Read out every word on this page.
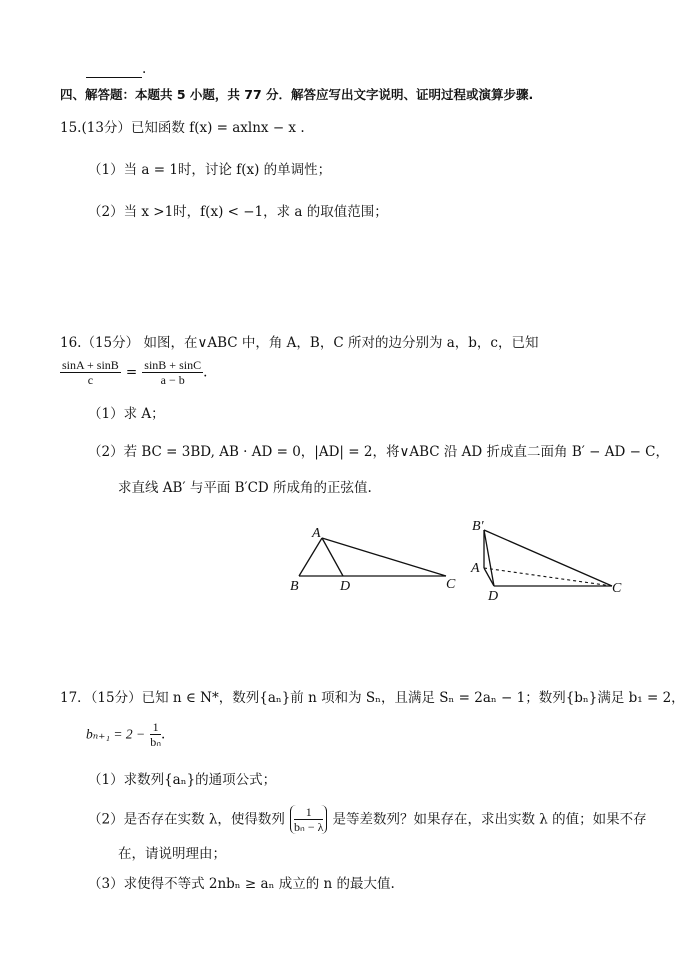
.
四、解答题：本题共 5 小题，共 77 分．解答应写出文字说明、证明过程或演算步骤.
15.(13分）已知函数 f(x) = axlnx − x .
（1）当 a = 1时，讨论 f(x) 的单调性；
（2）当 x >1时，f(x) < −1，求 a 的取值范围；
16.（15分） 如图，在∨ABC 中，角 A，B，C 所对的边分别为 a，b，c，已知
$\frac{\sin A + \sin B}{c} = \frac{\sin B + \sin C}{a - b}$ .
（1）求 A；
（2）若 BC = 3BD, AB · AD = 0，|AD| = 2，将∨ABC 沿 AD 折成直二面角 B′ − AD − C，
求直线 AB′ 与平面 B′CD 所成角的正弦值.
A
B	D	C
B′
A
D
C
17．（15分）已知 n ∈ N*，数列{aₙ}前 n 项和为 Sₙ，且满足 Sₙ = 2aₙ − 1；数列{bₙ}满足 b₁ = 2，
$b_{n+1} = 2 - \frac{1}{\text{bₙ}}$ .
（1）求数列{aₙ}的通项公式；
（2）是否存在实数 λ，使得数列 $\frac{1}{\text{bₙ − λ}}$ 是等差数列？如果存在，求出实数 λ 的值；如果不存
在，请说明理由；
（3）求使得不等式 2nbₙ ≥ aₙ 成立的 n 的最大值.
